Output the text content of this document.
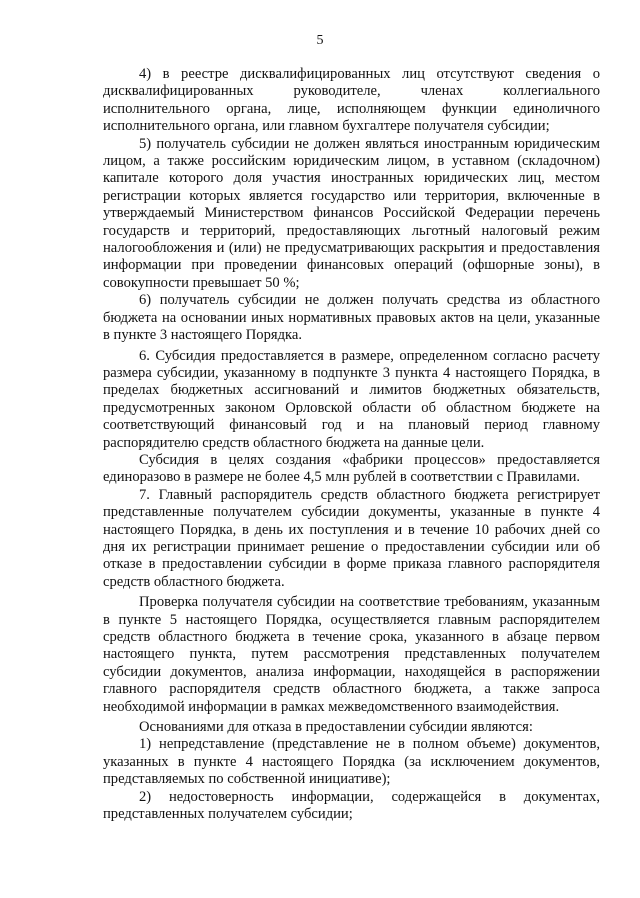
5

4) в реестре дисквалифицированных лиц отсутствуют сведения о дисквалифицированных руководителе, членах коллегиального исполнительного органа, лице, исполняющем функции единоличного исполнительного органа, или главном бухгалтере получателя субсидии;

5) получатель субсидии не должен являться иностранным юридическим лицом, а также российским юридическим лицом, в уставном (складочном) капитале которого доля участия иностранных юридических лиц, местом регистрации которых является государство или территория, включенные в утверждаемый Министерством финансов Российской Федерации перечень государств и территорий, предоставляющих льготный налоговый режим налогообложения и (или) не предусматривающих раскрытия и предоставления информации при проведении финансовых операций (офшорные зоны), в совокупности превышает 50 %;

6) получатель субсидии не должен получать средства из областного бюджета на основании иных нормативных правовых актов на цели, указанные в пункте 3 настоящего Порядка.

6. Субсидия предоставляется в размере, определенном согласно расчету размера субсидии, указанному в подпункте 3 пункта 4 настоящего Порядка, в пределах бюджетных ассигнований и лимитов бюджетных обязательств, предусмотренных законом Орловской области об областном бюджете на соответствующий финансовый год и на плановый период главному распорядителю средств областного бюджета на данные цели.

Субсидия в целях создания «фабрики процессов» предоставляется единоразово в размере не более 4,5 млн рублей в соответствии с Правилами.

7. Главный распорядитель средств областного бюджета регистрирует представленные получателем субсидии документы, указанные в пункте 4 настоящего Порядка, в день их поступления и в течение 10 рабочих дней со дня их регистрации принимает решение о предоставлении субсидии или об отказе в предоставлении субсидии в форме приказа главного распорядителя средств областного бюджета.

Проверка получателя субсидии на соответствие требованиям, указанным в пункте 5 настоящего Порядка, осуществляется главным распорядителем средств областного бюджета в течение срока, указанного в абзаце первом настоящего пункта, путем рассмотрения представленных получателем субсидии документов, анализа информации, находящейся в распоряжении главного распорядителя средств областного бюджета, а также запроса необходимой информации в рамках межведомственного взаимодействия.

Основаниями для отказа в предоставлении субсидии являются:

1) непредставление (представление не в полном объеме) документов, указанных в пункте 4 настоящего Порядка (за исключением документов, представляемых по собственной инициативе);

2) недостоверность информации, содержащейся в документах, представленных получателем субсидии;
